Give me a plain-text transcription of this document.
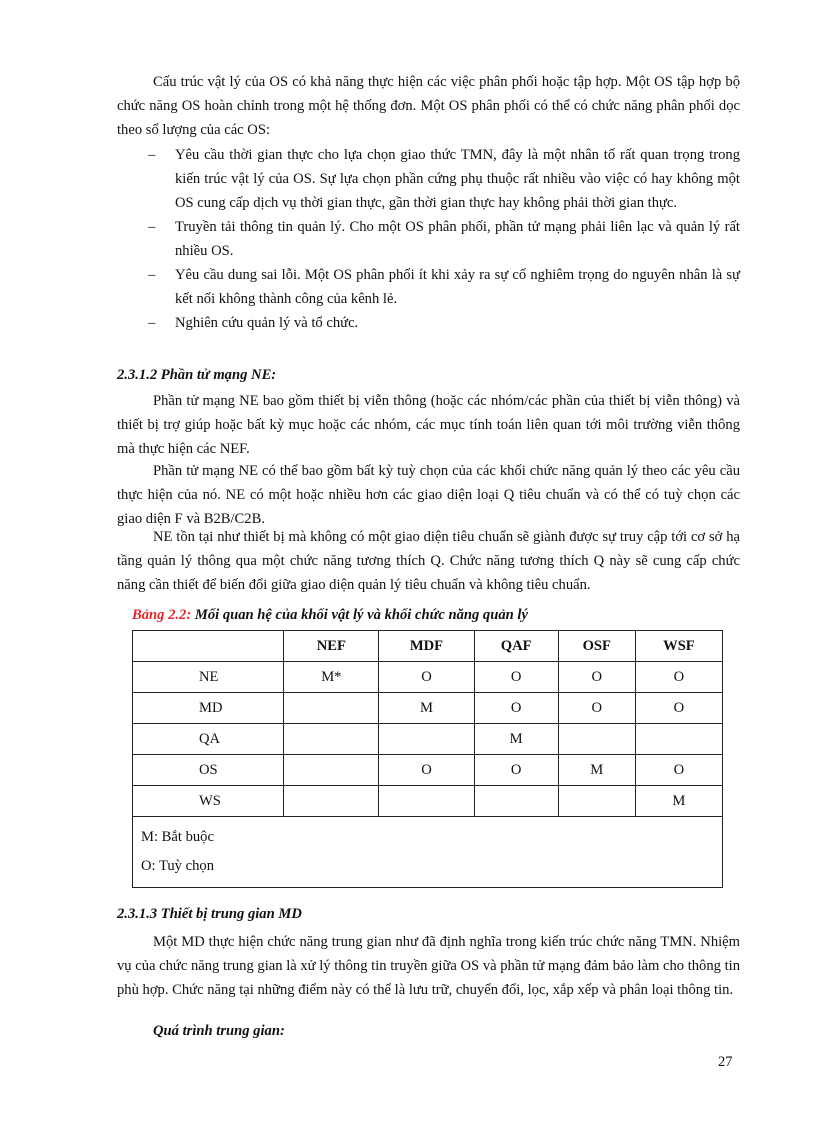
Cấu trúc vật lý của OS có khả năng thực hiện các việc phân phối hoặc tập hợp. Một OS tập hợp bộ chức năng OS hoàn chỉnh trong một hệ thống đơn. Một OS phân phối có thể có chức năng phân phối dọc theo số lượng của các OS:

– Yêu cầu thời gian thực cho lựa chọn giao thức TMN, đây là một nhân tố rất quan trọng trong kiến trúc vật lý của OS. Sự lựa chọn phần cứng phụ thuộc rất nhiều vào việc có hay không một OS cung cấp dịch vụ thời gian thực, gần thời gian thực hay không phải thời gian thực.
– Truyền tải thông tin quản lý. Cho một OS phân phối, phần tử mạng phải liên lạc và quản lý rất nhiều OS.
– Yêu cầu dung sai lỗi. Một OS phân phối ít khi xảy ra sự cố nghiêm trọng do nguyên nhân là sự kết nối không thành công của kênh lẻ.
– Nghiên cứu quản lý và tổ chức.
2.3.1.2 Phần tử mạng NE:

Phần tử mạng NE bao gồm thiết bị viễn thông (hoặc các nhóm/các phần của thiết bị viễn thông) và thiết bị trợ giúp hoặc bất kỳ mục hoặc các nhóm, các mục tính toán liên quan tới môi trường viễn thông mà thực hiện các NEF.

Phần tử mạng NE có thể bao gồm bất kỳ tuỳ chọn của các khối chức năng quản lý theo các yêu cầu thực hiện của nó. NE có một hoặc nhiều hơn các giao diện loại Q tiêu chuẩn và có thể có tuỳ chọn các giao diện F và B2B/C2B.

NE tồn tại như thiết bị mà không có một giao diện tiêu chuẩn sẽ giành được sự truy cập tới cơ sở hạ tầng quản lý thông qua một chức năng tương thích Q. Chức năng tương thích Q này sẽ cung cấp chức năng cần thiết để biến đổi giữa giao diện quản lý tiêu chuẩn và không tiêu chuẩn.

Bảng 2.2: Mối quan hệ của khối vật lý và khối chức năng quản lý
	NEF	MDF	QAF	OSF	WSF
NE	M*	O	O	O	O
MD		M	O	O	O
QA			M		
OS		O	O	M	O
WS					M

M: Bắt buộc
O: Tuỳ chọn					
2.3.1.3 Thiết bị trung gian MD

Một MD thực hiện chức năng trung gian như đã định nghĩa trong kiến trúc chức năng TMN. Nhiệm vụ của chức năng trung gian là xử lý thông tin truyền giữa OS và phần tử mạng đảm bảo làm cho thông tin phù hợp. Chức năng tại những điểm này có thể là lưu trữ, chuyển đổi, lọc, xắp xếp và phân loại thông tin.

Quá trình trung gian:
27
